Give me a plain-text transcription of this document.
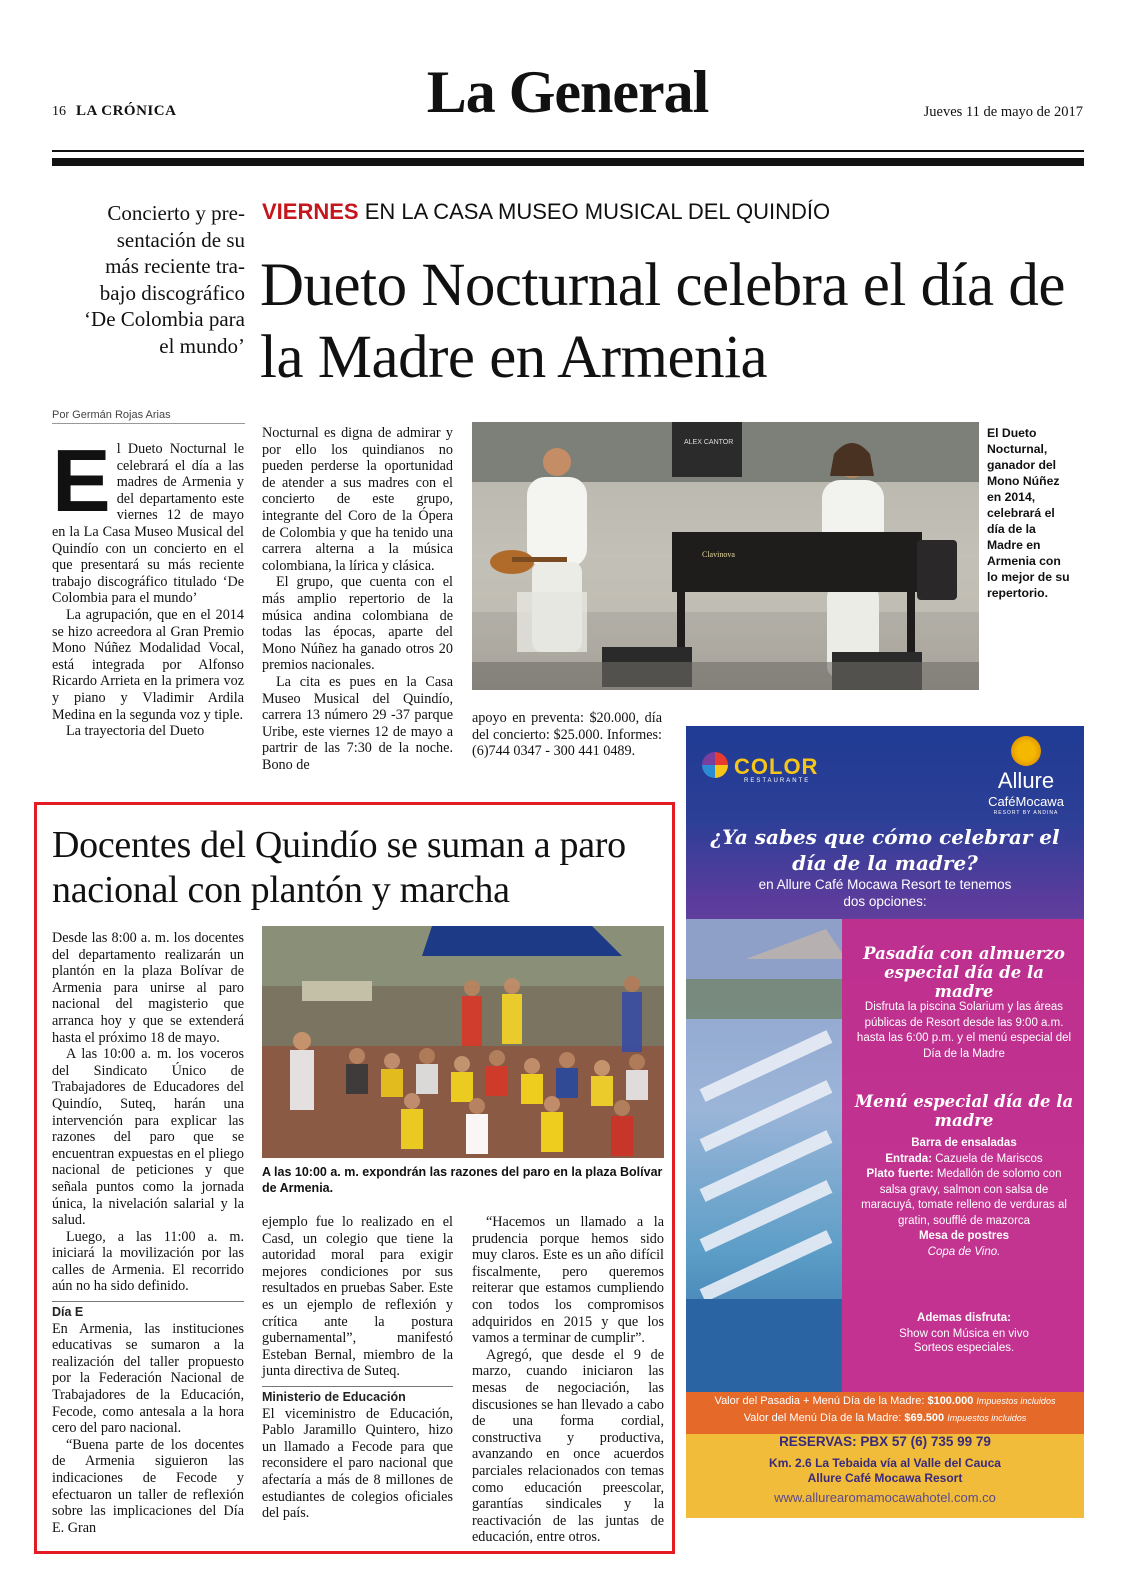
16 LA CRÓNICA	La General	Jueves 11 de mayo de 2017
Concierto y pre-
sentación de su
más reciente tra-
bajo discográfico
‘De Colombia para
el mundo’
VIERNES EN LA CASA MUSEO MUSICAL DEL QUINDÍO
Dueto Nocturnal celebra el día de la Madre en Armenia
Por Germán Rojas Arias
E l Dueto Nocturnal le celebrará el día a las madres de Armenia y del departamento este viernes 12 de mayo en la La Casa Museo Musical del Quindío con un concierto en el que presentará su más reciente trabajo discográfico titulado ‘De Colombia para el mundo’

La agrupación, que en el 2014 se hizo acreedora al Gran Premio Mono Núñez Modalidad Vocal, está integrada por Alfonso Ricardo Arrieta en la primera voz y piano y Vladimir Ardila Medina en la segunda voz y tiple.

La trayectoria del Dueto

Nocturnal es digna de admirar y por ello los quindianos no pueden perderse la oportunidad de atender a sus madres con el concierto de este grupo, integrante del Coro de la Ópera de Colombia y que ha tenido una carrera alterna a la música colombiana, la lírica y clásica.

El grupo, que cuenta con el más amplio repertorio de la música andina colombiana de todas las épocas, aparte del Mono Núñez ha ganado otros 20 premios nacionales.

La cita es pues en la Casa Museo Musical del Quindío, carrera 13 número 29 -37 parque Uribe, este viernes 12 de mayo a partrir de las 7:30 de la noche. Bono de

ALEX CANTOR
Clavinova
El Dueto Nocturnal, ganador del Mono Núñez en 2014, celebrará el día de la Madre en Armenia con lo mejor de su repertorio.

apoyo en preventa: $20.000, día del concierto: $25.000. Informes: (6)744 0347 - 300 441 0489.

Docentes del Quindío se suman a paro nacional con plantón y marcha

Desde las 8:00 a. m. los docentes del departamento realizarán un plantón en la plaza Bolívar de Armenia para unirse al paro nacional del magisterio que arranca hoy y que se extenderá hasta el próximo 18 de mayo.

A las 10:00 a. m. los voceros del Sindicato Único de Trabajadores de Educadores del Quindío, Suteq, harán una intervención para explicar las razones del paro que se encuentran expuestas en el pliego nacional de peticiones y que señala puntos como la jornada única, la nivelación salarial y la salud.

Luego, a las 11:00 a. m. iniciará la movilización por las calles de Armenia. El recorrido aún no ha sido definido.

Día E

En Armenia, las instituciones educativas se sumaron a la realización del taller propuesto por la Federación Nacional de Trabajadores de la Educación, Fecode, como antesala a la hora cero del paro nacional.

“Buena parte de los docentes de Armenia siguieron las indicaciones de Fecode y efectuaron un taller de reflexión sobre las implicaciones del Día E. Gran

A las 10:00 a. m. expondrán las razones del paro en la plaza Bolívar de Armenia.

ejemplo fue lo realizado en el Casd, un colegio que tiene la autoridad moral para exigir mejores condiciones por sus resultados en pruebas Saber. Este es un ejemplo de reflexión y crítica ante la postura gubernamental”, manifestó Esteban Bernal, miembro de la junta directiva de Suteq.

Ministerio de Educación

El viceministro de Educación, Pablo Jaramillo Quintero, hizo un llamado a Fecode para que reconsidere el paro nacional que afectaría a más de 8 millones de estudiantes de colegios oficiales del país.

“Hacemos un llamado a la prudencia porque hemos sido muy claros. Este es un año difícil fiscalmente, pero queremos reiterar que estamos cumpliendo con todos los compromisos adquiridos en 2015 y que los vamos a terminar de cumplir”.

Agregó, que desde el 9 de marzo, cuando iniciaron las mesas de negociación, las discusiones se han llevado a cabo de una forma cordial, constructiva y productiva, avanzando en once acuerdos parciales relacionados con temas como educación preescolar, garantías sindicales y la reactivación de las juntas de educación, entre otros.

COLOR
RESTAURANTE	Allure
CaféMocawa
RESORT BY ANDINA
¿Ya sabes que cómo celebrar el día de la madre?
en Allure Café Mocawa Resort te tenemos dos opciones:
Pasadía con almuerzo especial día de la madre
Disfruta la piscina Solarium y las áreas públicas de Resort desde las 9:00 a.m. hasta las 6:00 p.m. y el menú especial del Día de la Madre
Menú especial día de la madre
Barra de ensaladas
Entrada: Cazuela de Mariscos
Plato fuerte: Medallón de solomo con salsa gravy, salmon con salsa de maracuyá, tomate relleno de verduras al gratin, soufflé de mazorca
Mesa de postres
Copa de Vino.
Ademas disfruta:
Show con Música en vivo Sorteos especiales.
Valor del Pasadia + Menú Día de la Madre: $100.000 Impuestos incluidos
Valor del Menú Día de la Madre: $69.500 Impuestos incluidos
RESERVAS: PBX 57 (6) 735 99 79
Km. 2.6 La Tebaida vía al Valle del Cauca
Allure Café Mocawa Resort
www.allurearomamocawahotel.com.co
